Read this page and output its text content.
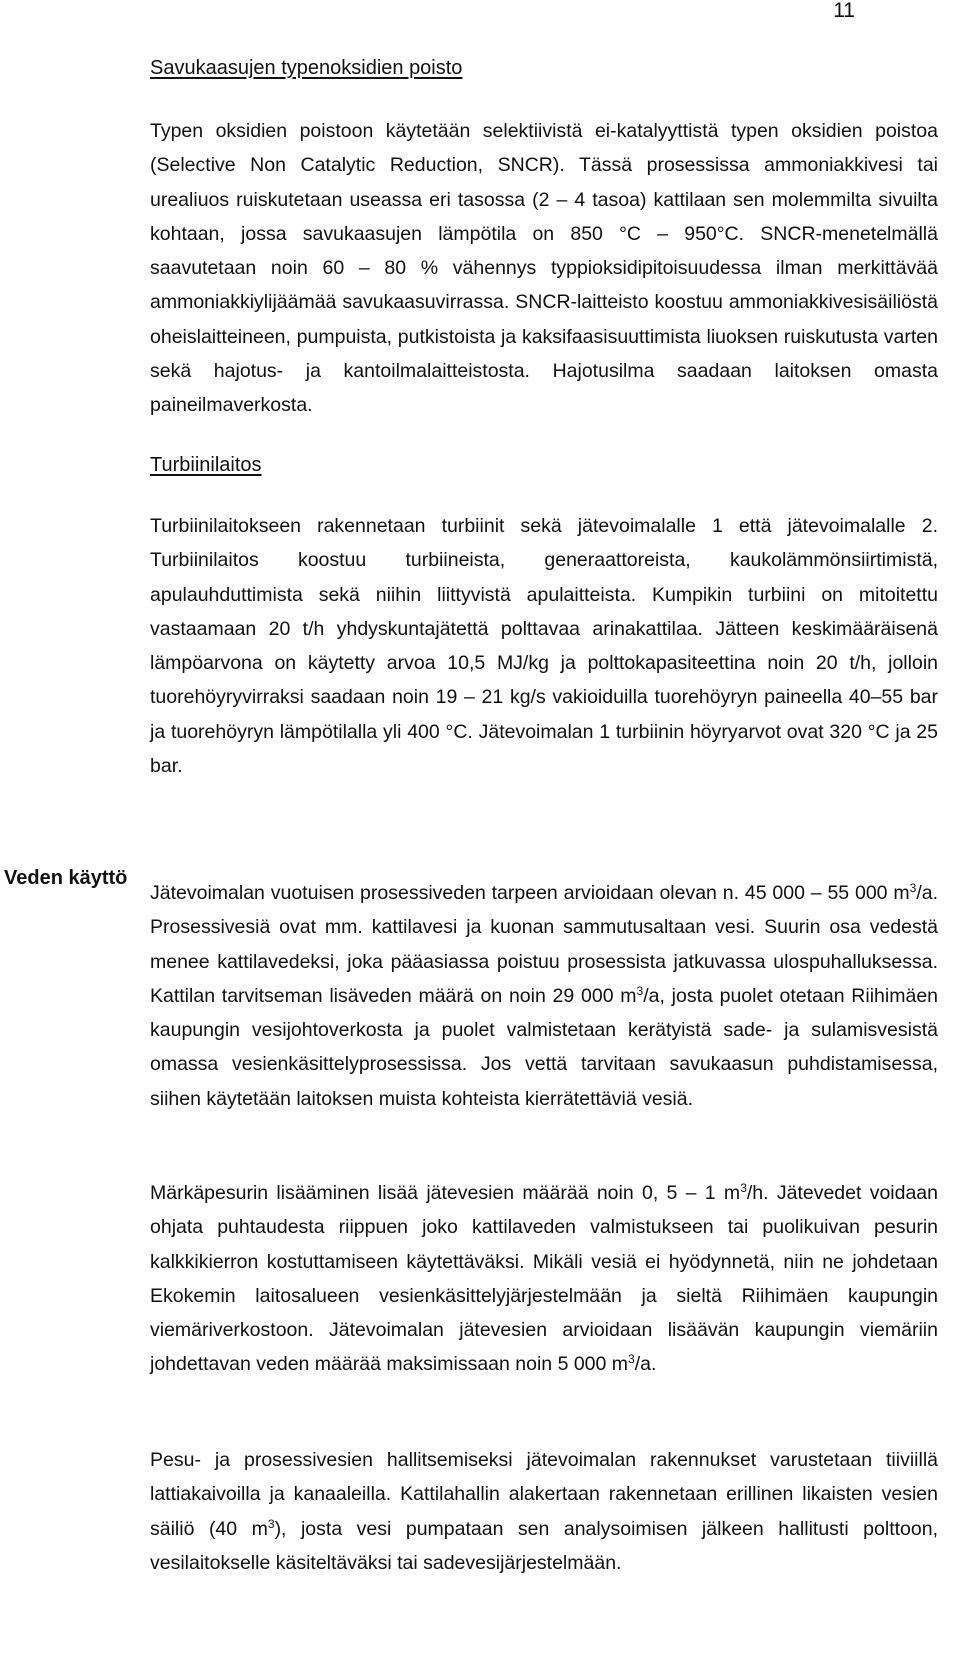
11
Savukaasujen typenoksidien poisto

Typen oksidien poistoon käytetään selektiivistä ei-katalyyttistä typen oksidien poistoa (Selective Non Catalytic Reduction, SNCR). Tässä prosessissa ammoniakkivesi tai urealiuos ruiskutetaan useassa eri tasossa (2 – 4 tasoa) kattilaan sen molemmilta sivuilta kohtaan, jossa savukaasujen lämpötila on 850 °C – 950°C. SNCR-menetelmällä saavutetaan noin 60 – 80 % vähennys typpioksidipitoisuudessa ilman merkittävää ammoniakkiylijäämää savukaasuvirrassa. SNCR-laitteisto koostuu ammoniakkivesisäiliöstä oheislaitteineen, pumpuista, putkistoista ja kaksifaasisuuttimista liuoksen ruiskutusta varten sekä hajotus- ja kantoilmalaitteistosta. Hajotusilma saadaan laitoksen omasta paineilmaverkosta.

Turbiinilaitos

Turbiinilaitokseen rakennetaan turbiinit sekä jätevoimalalle 1 että jätevoimalalle 2. Turbiinilaitos koostuu turbiineista, generaattoreista, kaukolämmönsiirtimistä, apulauhduttimista sekä niihin liittyvistä apulaitteista. Kumpikin turbiini on mitoitettu vastaamaan 20 t/h yhdyskuntajätettä polttavaa arinakattilaa. Jätteen keskimääräisenä lämpöarvona on käytetty arvoa 10,5 MJ/kg ja polttokapasiteettina noin 20 t/h, jolloin tuorehöyryvirraksi saadaan noin 19 – 21 kg/s vakioiduilla tuorehöyryn paineella 40–55 bar ja tuorehöyryn lämpötilalla yli 400 °C. Jätevoimalan 1 turbiinin höyryarvot ovat 320 °C ja 25 bar.

Veden käyttö

Jätevoimalan vuotuisen prosessiveden tarpeen arvioidaan olevan n. 45 000 – 55 000 $m^3/a$. Prosessivesiä ovat mm. kattilavesi ja kuonan sammutusaltaan vesi. Suurin osa vedestä menee kattilavedeksi, joka pääasiassa poistuu prosessista jatkuvassa ulospuhalluksessa. Kattilan tarvitseman lisäveden määrä on noin 29 000 $m^3/a$, josta puolet otetaan Riihimäen kaupungin vesijohtoverkosta ja puolet valmistetaan kerätyistä sade- ja sulamisvesistä omassa vesienkäsittelyprosessissa. Jos vettä tarvitaan savukaasun puhdistamisessa, siihen käytetään laitoksen muista kohteista kierrätettäviä vesiä.

Märkäpesurin lisääminen lisää jätevesien määrää noin 0, 5 – 1 $m^3/h$. Jätevedet voidaan ohjata puhtaudesta riippuen joko kattilaveden valmistukseen tai puolikuivan pesurin kalkkikierron kostuttamiseen käytettäväksi. Mikäli vesiä ei hyödynnetä, niin ne johdetaan Ekokemin laitosalueen vesienkäsittelyjärjestelmään ja sieltä Riihimäen kaupungin viemäriverkostoon. Jätevoimalan jätevesien arvioidaan lisäävän kaupungin viemäriin johdettavan veden määrää maksimissaan noin 5 000 $m^3/a$.

Pesu- ja prosessivesien hallitsemiseksi jätevoimalan rakennukset varustetaan tiiviillä lattiakaivoilla ja kanaaleilla. Kattilahallin alakertaan rakennetaan erillinen likaisten vesien säiliö (40 $m^3$), josta vesi pumpataan sen analysoimisen jälkeen hallitusti polttoon, vesilaitokselle käsiteltäväksi tai sadevesijärjestelmään.
